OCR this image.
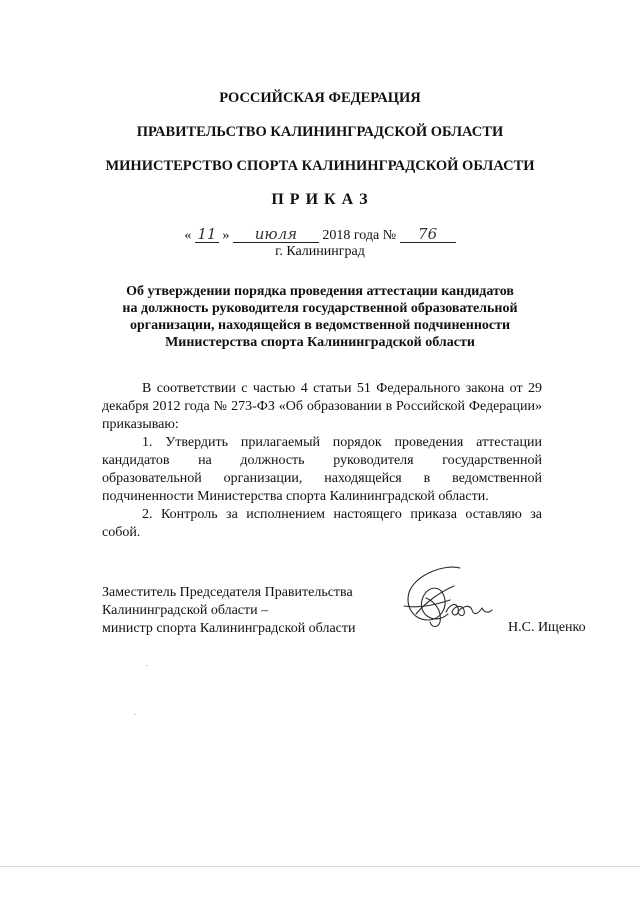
РОССИЙСКАЯ ФЕДЕРАЦИЯ
ПРАВИТЕЛЬСТВО КАЛИНИНГРАДСКОЙ ОБЛАСТИ
МИНИСТЕРСТВО СПОРТА КАЛИНИНГРАДСКОЙ ОБЛАСТИ
П Р И К А З
« 11 » июля 2018 года № 76
г. Калининград
Об утверждении порядка проведения аттестации кандидатов
на должность руководителя государственной образовательной
организации, находящейся в ведомственной подчиненности
Министерства спорта Калининградской области

В соответствии с частью 4 статьи 51 Федерального закона от 29 декабря 2012 года № 273-ФЗ «Об образовании в Российской Федерации» приказываю:

1. Утвердить прилагаемый порядок проведения аттестации кандидатов на должность руководителя государственной образовательной организации, находящейся в ведомственной подчиненности Министерства спорта Калининградской области.

2. Контроль за исполнением настоящего приказа оставляю за собой.

Заместитель Председателя Правительства
Калининградской области –
министр спорта Калининградской области	Н.С. Ищенко
